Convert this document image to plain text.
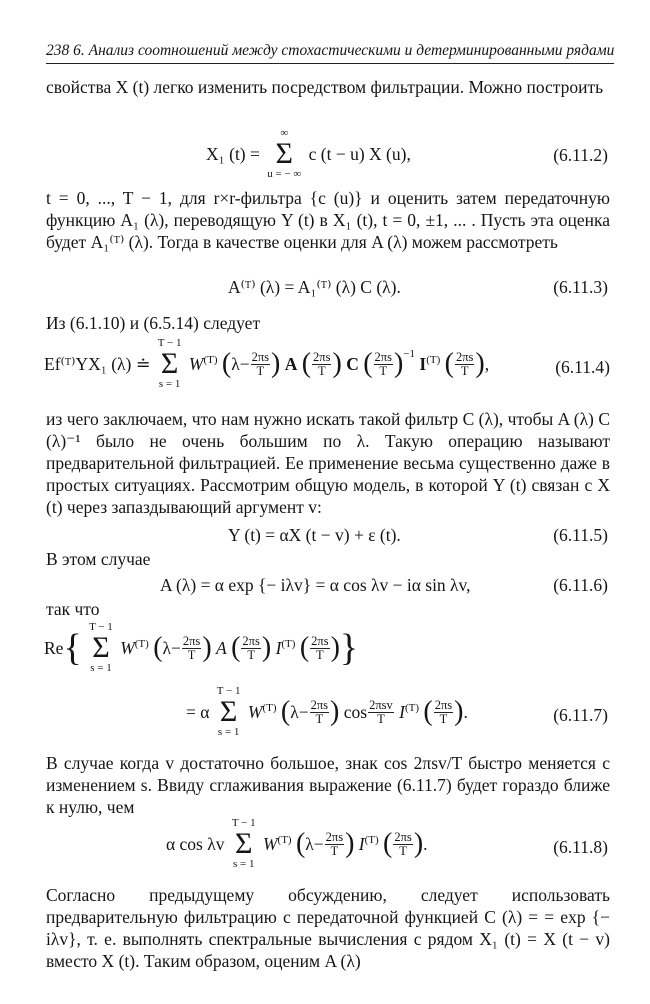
238 6. Анализ соотношений между стохастическими и детерминированными рядами
свойства X (t) легко изменить посредством фильтрации. Можно построить
X₁ (t) =
∞
Σ
u = − ∞
c (t − u) X (u),	(6.11.2)
t = 0, ..., T − 1, для r×r-фильтра {c (u)} и оценить затем передаточную функцию A₁ (λ), переводящую Y (t) в X₁ (t), t = 0, ±1, ... . Пусть эта оценка будет A₁⁽ᵀ⁾ (λ). Тогда в качестве оценки для A (λ) можем рассмотреть
A⁽ᵀ⁾ (λ) = A₁⁽ᵀ⁾ (λ) C (λ).	(6.11.3)
Из (6.1.10) и (6.5.14) следует
Ef⁽ᵀ⁾YX₁ (λ) ≐
T − 1
Σ
s = 1
$W^{(T)}$ ($\lambda- \frac{2\pi s}{T}$ ) A ( $\frac{2\pi s}{T}$ ) C ( $\frac{2\pi s}{T} )^{-1}$ $I^{(T)}$ ( $\frac{2\pi s}{T}$ ),	(6.11.4)
из чего заключаем, что нам нужно искать такой фильтр C (λ), чтобы A (λ) C (λ)⁻¹ было не очень большим по λ. Такую операцию называют предварительной фильтрацией. Ее применение весьма существенно даже в простых ситуациях. Рассмотрим общую модель, в которой Y (t) связан с X (t) через запаздывающий аргумент v:
Y (t) = αX (t − v) + ε (t).	(6.11.5)
В этом случае
A (λ) = α exp {− iλv} = α cos λv − iα sin λv,	(6.11.6)
так что
Re{ T − 1
Σ
s = 1
$W^{(T)}$ ($\lambda- \frac{2\pi s}{T}$ ) A ( $\frac{2\pi s}{T}$ ) $I^{(T)}$ ( $\frac{2\pi s}{T}$ )}
= α
T − 1
Σ
s = 1
$W^{(T)}$ ($\lambda- \frac{2\pi s}{T}$ ) $\cos \frac{\text{2πsv}}{T} I^{(T)}$ ( $\frac{2\pi s}{T}$ ).	(6.11.7)
В случае когда v достаточно большое, знак cos 2πsv/T быстро меняется с изменением s. Ввиду сглаживания выражение (6.11.7) будет гораздо ближе к нулю, чем
α cos λv
T − 1
Σ
s = 1
$W^{(T)}$ ($\lambda- \frac{2\pi s}{T}$ ) $I^{(T)}$ ( $\frac{2\pi s}{T}$ ).	(6.11.8)
Согласно предыдущему обсуждению, следует использовать предварительную фильтрацию с передаточной функцией C (λ) = = exp {− iλv}, т. е. выполнять спектральные вычисления с рядом X₁ (t) = X (t − v) вместо X (t). Таким образом, оценим A (λ)
